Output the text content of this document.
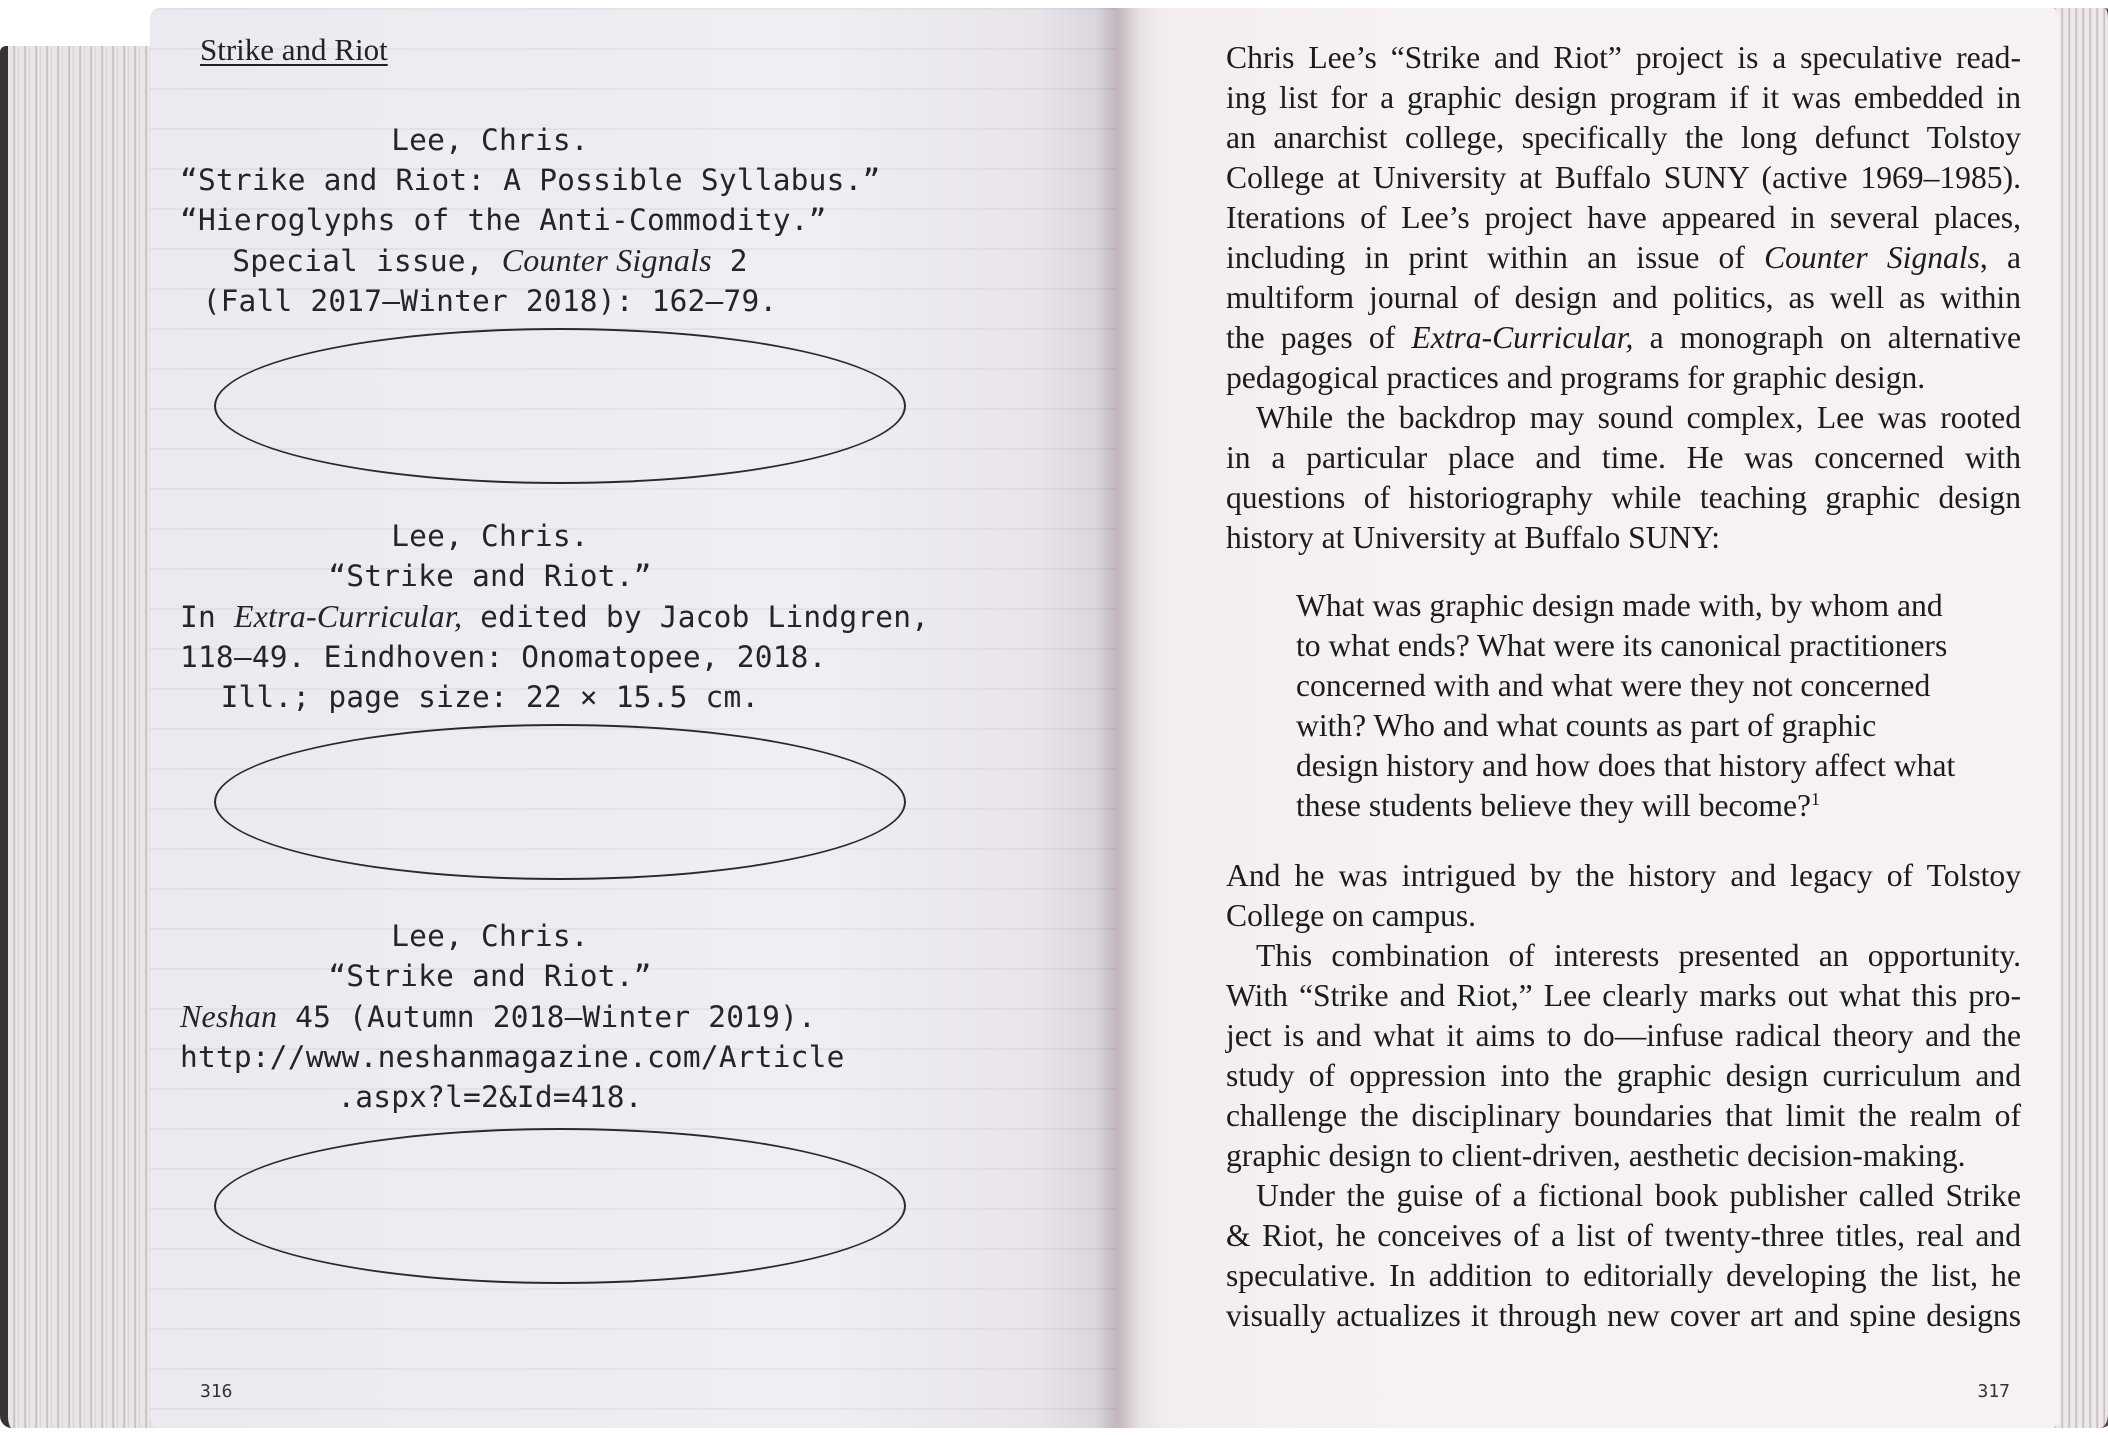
Strike and Riot
Lee, Chris.
“Strike and Riot: A Possible Syllabus.”
“Hieroglyphs of the Anti-Commodity.”
Special issue, Counter Signals 2
(Fall 2017–Winter 2018): 162–79.
Lee, Chris.
“Strike and Riot.”
In Extra-Curricular, edited by Jacob Lindgren,
118–49. Eindhoven: Onomatopee, 2018.
Ill.; page size: 22 × 15.5 cm.
Lee, Chris.
“Strike and Riot.”
Neshan 45 (Autumn 2018–Winter 2019).
http://www.neshanmagazine.com/Article
.aspx?l=2&Id=418.
316
Chris Lee’s “Strike and Riot” project is a speculative read-
ing list for a graphic design program if it was embedded in
an anarchist college, specifically the long defunct Tolstoy
College at University at Buffalo SUNY (active 1969–1985).
Iterations of Lee’s project have appeared in several places,
including in print within an issue of Counter Signals, a
multiform journal of design and politics, as well as within
the pages of Extra-Curricular, a monograph on alternative
pedagogical practices and programs for graphic design.
While the backdrop may sound complex, Lee was rooted
in a particular place and time. He was concerned with
questions of historiography while teaching graphic design
history at University at Buffalo SUNY:
What was graphic design made with, by whom and
to what ends? What were its canonical practitioners
concerned with and what were they not concerned
with? Who and what counts as part of graphic
design history and how does that history affect what
these students believe they will become?$^1$
And he was intrigued by the history and legacy of Tolstoy
College on campus.
This combination of interests presented an opportunity.
With “Strike and Riot,” Lee clearly marks out what this pro-
ject is and what it aims to do—infuse radical theory and the
study of oppression into the graphic design curriculum and
challenge the disciplinary boundaries that limit the realm of
graphic design to client-driven, aesthetic decision-making.
Under the guise of a fictional book publisher called Strike
& Riot, he conceives of a list of twenty-three titles, real and
speculative. In addition to editorially developing the list, he
visually actualizes it through new cover art and spine designs
317
